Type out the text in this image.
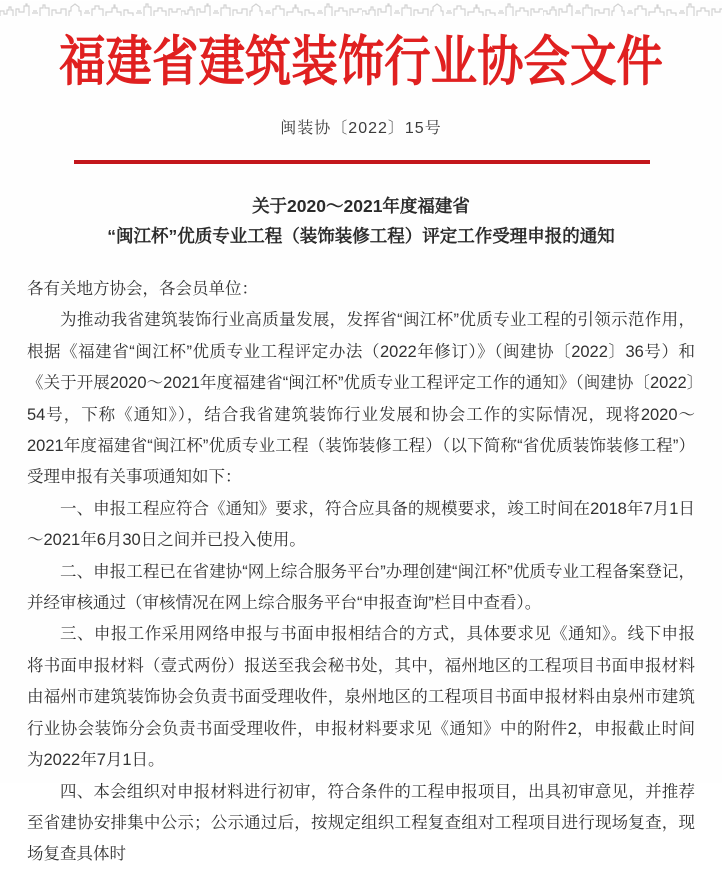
福建省建筑装饰行业协会文件
闽装协〔2022〕15号
关于2020～2021年度福建省
“闽江杯”优质专业工程（装饰装修工程）评定工作受理申报的通知

各有关地方协会，各会员单位：

为推动我省建筑装饰行业高质量发展，发挥省“闽江杯”优质专业工程的引领示范作用，根据《福建省“闽江杯”优质专业工程评定办法（2022年修订）》（闽建协〔2022〕36号）和《关于开展2020～2021年度福建省“闽江杯”优质专业工程评定工作的通知》（闽建协〔2022〕54号，下称《通知》），结合我省建筑装饰行业发展和协会工作的实际情况，现将2020～2021年度福建省“闽江杯”优质专业工程（装饰装修工程）（以下简称“省优质装饰装修工程”）受理申报有关事项通知如下：

一、申报工程应符合《通知》要求，符合应具备的规模要求，竣工时间在2018年7月1日～2021年6月30日之间并已投入使用。

二、申报工程已在省建协“网上综合服务平台”办理创建“闽江杯”优质专业工程备案登记，并经审核通过（审核情况在网上综合服务平台“申报查询”栏目中查看）。

三、申报工作采用网络申报与书面申报相结合的方式，具体要求见《通知》。线下申报将书面申报材料（壹式两份）报送至我会秘书处，其中，福州地区的工程项目书面申报材料由福州市建筑装饰协会负责书面受理收件，泉州地区的工程项目书面申报材料由泉州市建筑行业协会装饰分会负责书面受理收件，申报材料要求见《通知》中的附件2，申报截止时间为2022年7月1日。

四、本会组织对申报材料进行初审，符合条件的工程申报项目，出具初审意见，并推荐至省建协安排集中公示；公示通过后，按规定组织工程复查组对工程项目进行现场复查，现场复查具体时
